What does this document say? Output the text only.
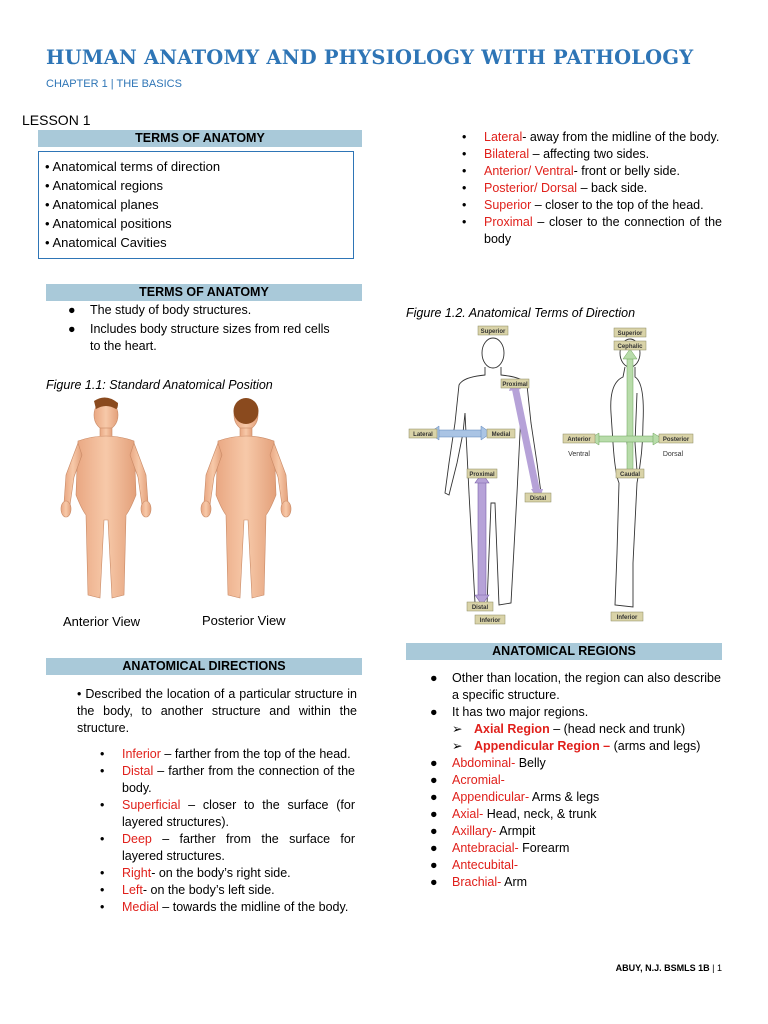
HUMAN ANATOMY AND PHYSIOLOGY WITH PATHOLOGY
CHAPTER 1 | THE BASICS
LESSON 1
TERMS OF ANATOMY
• Anatomical terms of direction
• Anatomical regions
• Anatomical planes
• Anatomical positions
• Anatomical Cavities
TERMS OF ANATOMY
● The study of body structures.
● Includes body structure sizes from red cells to the heart.
Figure 1.1: Standard Anatomical Position
Anterior View	Posterior View
ANATOMICAL DIRECTIONS
• Described the location of a particular structure in the body, to another structure and within the structure.
• Inferior – farther from the top of the head.
• Distal – farther from the connection of the body.
• Superficial – closer to the surface (for layered structures).
• Deep – farther from the surface for layered structures.
• Right- on the body’s right side.
• Left- on the body’s left side.
• Medial – towards the midline of the body.
• Lateral- away from the midline of the body.
• Bilateral – affecting two sides.
• Anterior/ Ventral- front or belly side.
• Posterior/ Dorsal – back side.
• Superior – closer to the top of the head.
• Proximal – closer to the connection of the body
Figure 1.2. Anatomical Terms of Direction
Superior
Proximal
Lateral	Medial
Proximal
Distal
Distal
Inferior
Superior
Cephalic
Anterior
Ventral
Posterior
Dorsal
Caudal
Inferior
ANATOMICAL REGIONS
● Other than location, the region can also describe a specific structure.
● It has two major regions.
➢ Axial Region – (head neck and trunk)
➢ Appendicular Region – (arms and legs)
● Abdominal- Belly
● Acromial-
● Appendicular- Arms & legs
● Axial- Head, neck, & trunk
● Axillary- Armpit
● Antebracial- Forearm
● Antecubital-
● Brachial- Arm
ABUY, N.J. BSMLS 1B | 1
